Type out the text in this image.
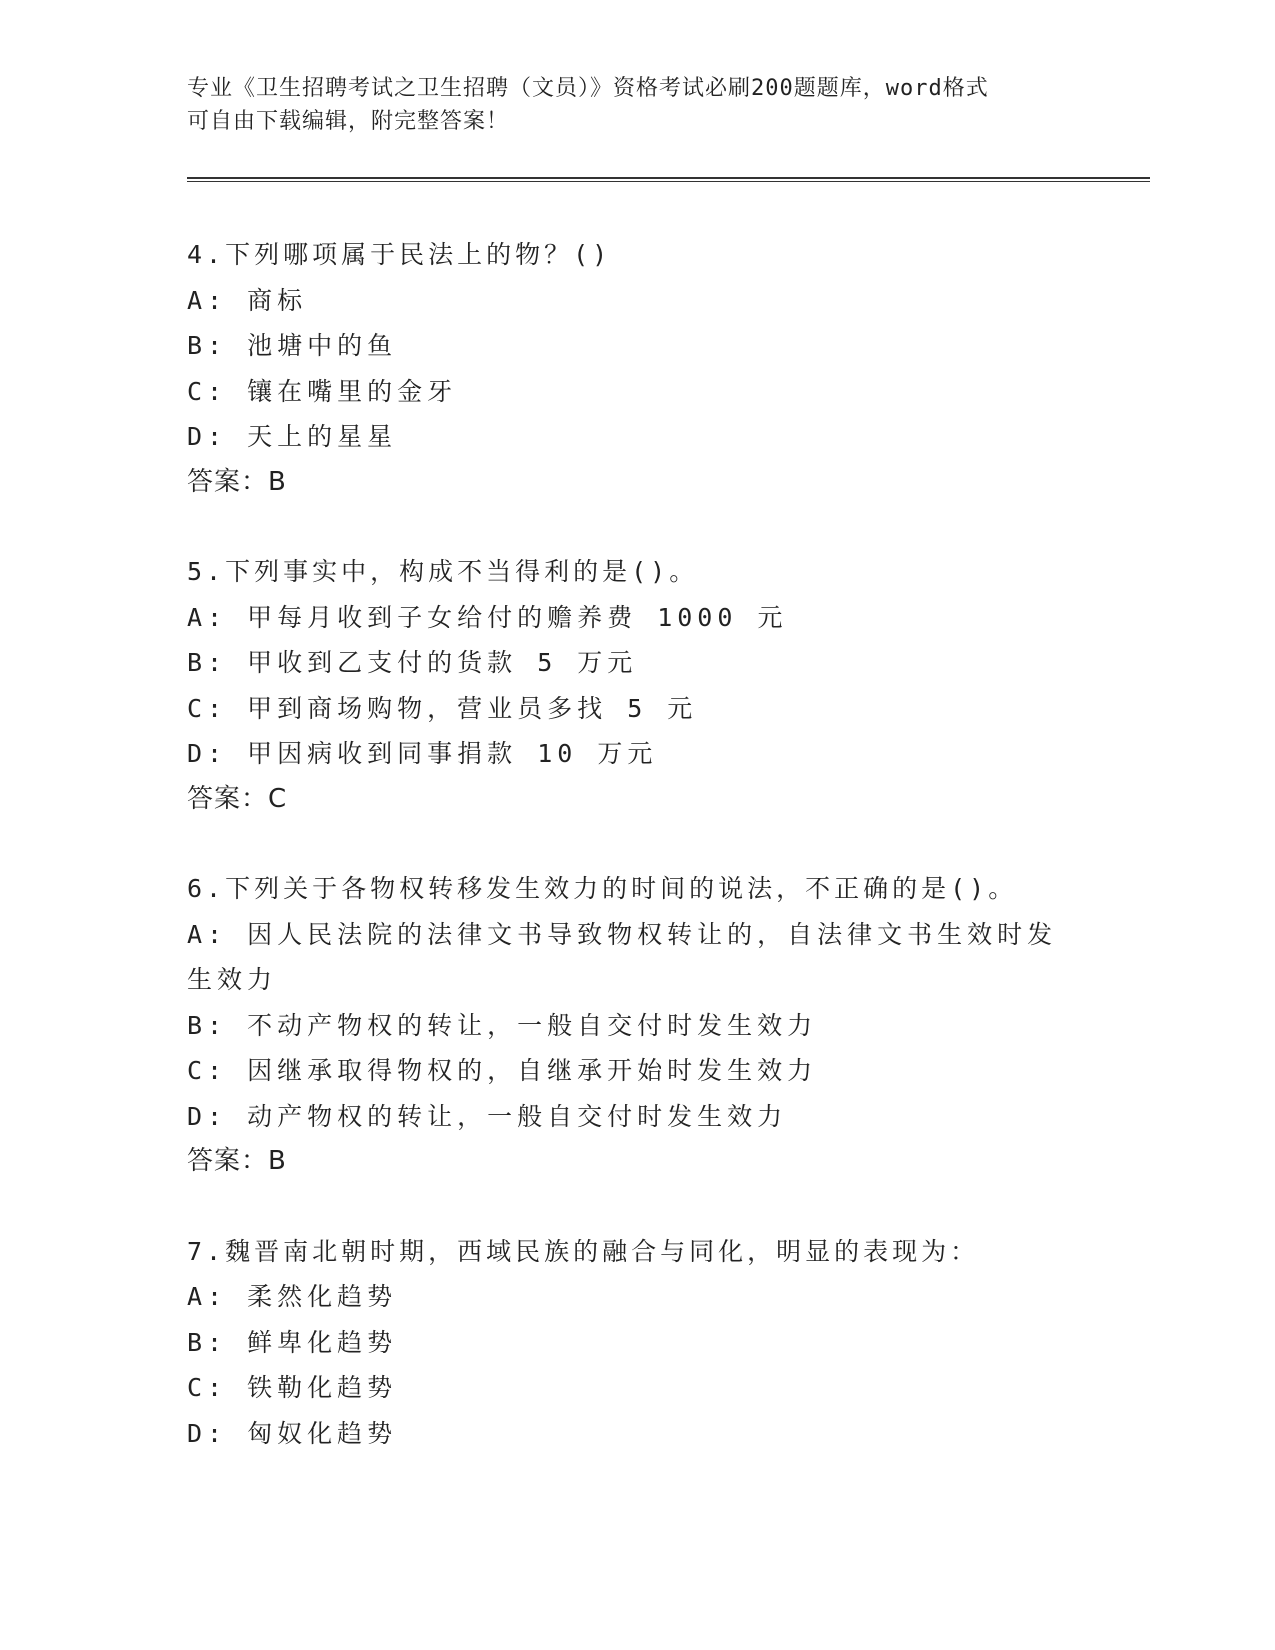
专业《卫生招聘考试之卫生招聘（文员）》资格考试必刷200题题库，word格式
可自由下载编辑，附完整答案！
4.下列哪项属于民法上的物？()
A: 商标
B: 池塘中的鱼
C: 镶在嘴里的金牙
D: 天上的星星
答案：B
5.下列事实中，构成不当得利的是()。
A: 甲每月收到子女给付的赡养费 1000 元
B: 甲收到乙支付的货款 5 万元
C: 甲到商场购物，营业员多找 5 元
D: 甲因病收到同事捐款 10 万元
答案：C
6.下列关于各物权转移发生效力的时间的说法，不正确的是()。
A: 因人民法院的法律文书导致物权转让的，自法律文书生效时发生效力
B: 不动产物权的转让，一般自交付时发生效力
C: 因继承取得物权的，自继承开始时发生效力
D: 动产物权的转让，一般自交付时发生效力
答案：B
7.魏晋南北朝时期，西域民族的融合与同化，明显的表现为：
A: 柔然化趋势
B: 鲜卑化趋势
C: 铁勒化趋势
D: 匈奴化趋势
